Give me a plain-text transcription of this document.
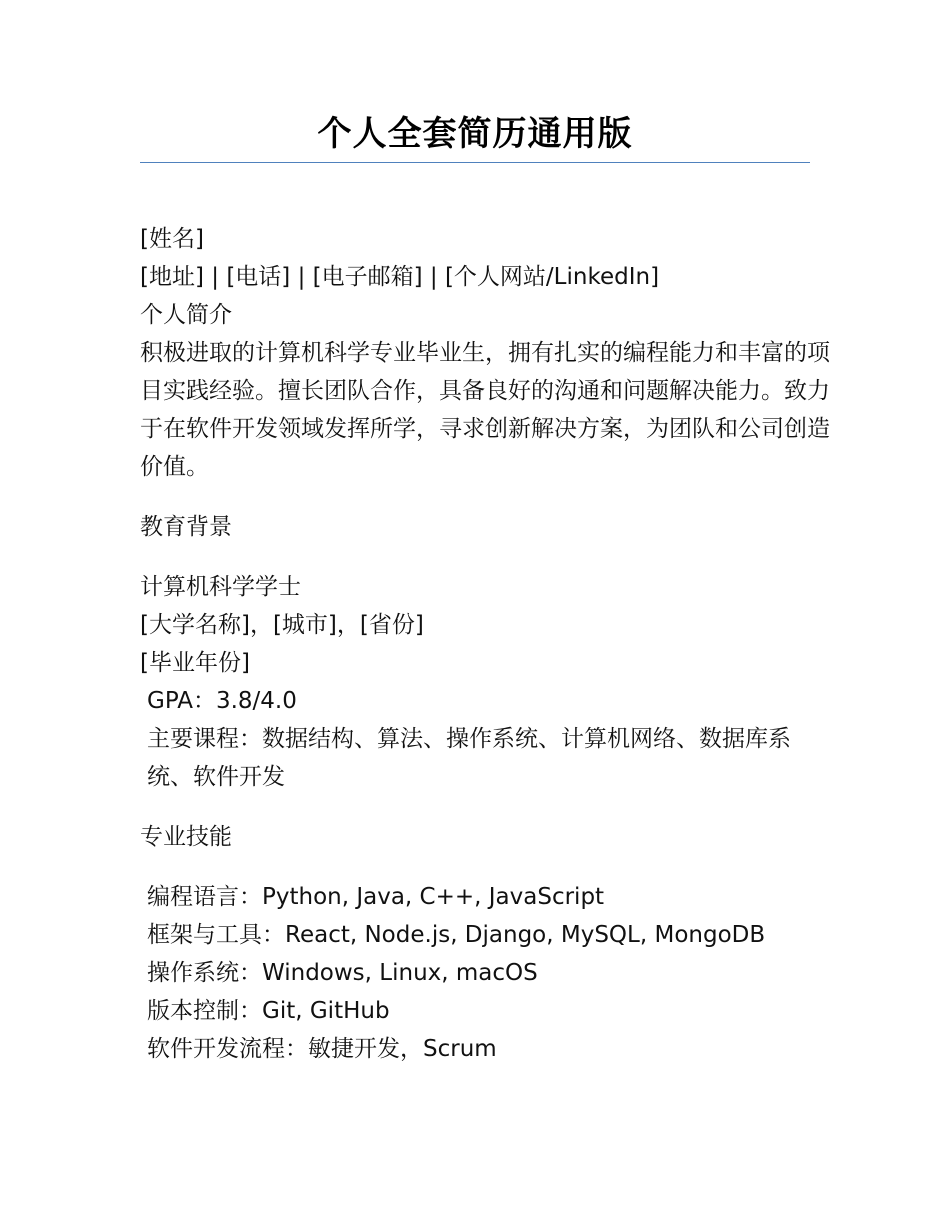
个人全套简历通用版

[姓名]

[地址] | [电话] | [电子邮箱] | [个人网站/LinkedIn]

个人简介

积极进取的计算机科学专业毕业生，拥有扎实的编程能力和丰富的项目实践经验。擅长团队合作，具备良好的沟通和问题解决能力。致力于在软件开发领域发挥所学，寻求创新解决方案，为团队和公司创造价值。

教育背景

计算机科学学士

[大学名称]，[城市]，[省份]

[毕业年份]

GPA：3.8/4.0

主要课程：数据结构、算法、操作系统、计算机网络、数据库系统、软件开发

专业技能

编程语言：Python, Java, C++, JavaScript

框架与工具：React, Node.js, Django, MySQL, MongoDB

操作系统：Windows, Linux, macOS

版本控制：Git, GitHub

软件开发流程：敏捷开发，Scrum
